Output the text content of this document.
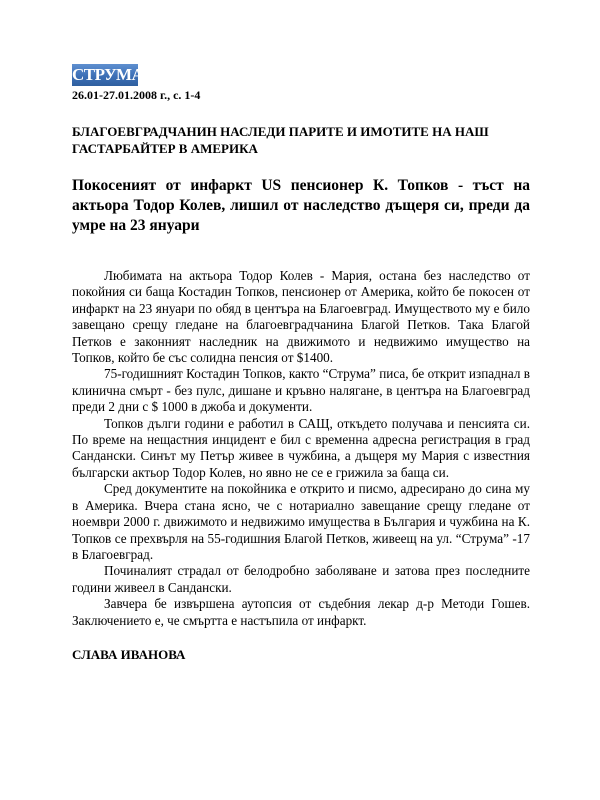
СТРУМА
26.01-27.01.2008 г., с. 1-4
БЛАГОЕВГРАДЧАНИН НАСЛЕДИ ПАРИТЕ И ИМОТИТЕ НА НАШ ГАСТАРБАЙТЕР В АМЕРИКА
Покосеният от инфаркт US пенсионер К. Топков - тъст на актьора Тодор Колев, лишил от наследство дъщеря си, преди да умре на 23 януари

Любимата на актьора Тодор Колев - Мария, остана без наследство от покойния си баща Костадин Топков, пенсионер от Америка, който бе покосен от инфаркт на 23 януари по обяд в центъра на Благоевград. Имуществото му е било завещано срещу гледане на благоевградчанина Благой Петков. Така Благой Петков е законният наследник на движимото и недвижимо имущество на Топков, който бе със солидна пенсия от $1400.

75-годишният Костадин Топков, както “Струма” писа, бе открит изпаднал в клинична смърт - без пулс, дишане и кръвно налягане, в центъра на Благоевград преди 2 дни с $ 1000 в джоба и документи.

Топков дълги години е работил в САЩ, откъдето получава и пенсията си. По време на нещастния инцидент е бил с временна адресна регистрация в град Сандански. Синът му Петър живее в чужбина, а дъщеря му Мария с известния български актьор Тодор Колев, но явно не се е грижила за баща си.

Сред документите на покойника е открито и писмо, адресирано до сина му в Америка. Вчера стана ясно, че с нотариално завещание срещу гледане от ноември 2000 г. движимото и недвижимо имущества в България и чужбина на К. Топков се прехвърля на 55-годишния Благой Петков, живеещ на ул. “Струма” -17 в Благоевград.

Починалият страдал от белодробно заболяване и затова през последните години живеел в Сандански.

Завчера бе извършена аутопсия от съдебния лекар д-р Методи Гошев. Заключението е, че смъртта е настъпила от инфаркт.

СЛАВА ИВАНОВА
